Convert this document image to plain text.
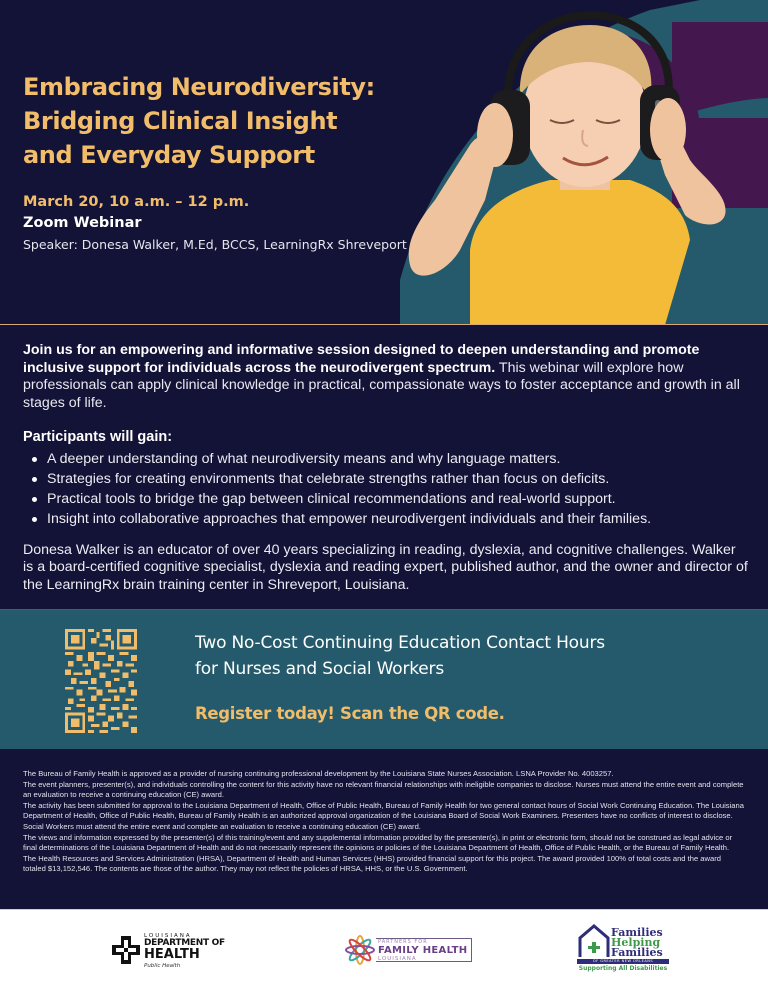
Embracing Neurodiversity:
Bridging Clinical Insight
and Everyday Support
March 20, 10 a.m. – 12 p.m.
Zoom Webinar
Speaker: Donesa Walker, M.Ed, BCCS, LearningRx Shreveport

Join us for an empowering and informative session designed to deepen understanding and promote inclusive support for individuals across the neurodivergent spectrum. This webinar will explore how professionals can apply clinical knowledge in practical, compassionate ways to foster acceptance and growth in all stages of life.

Participants will gain:
A deeper understanding of what neurodiversity means and why language matters.
Strategies for creating environments that celebrate strengths rather than focus on deficits.
Practical tools to bridge the gap between clinical recommendations and real-world support.
Insight into collaborative approaches that empower neurodivergent individuals and their families.

Donesa Walker is an educator of over 40 years specializing in reading, dyslexia, and cognitive challenges. Walker is a board-certified cognitive specialist, dyslexia and reading expert, published author, and the owner and director of the LearningRx brain training center in Shreveport, Louisiana.

Two No-Cost Continuing Education Contact Hours
for Nurses and Social Workers
Register today! Scan the QR code.

The Bureau of Family Health is approved as a provider of nursing continuing professional development by the Louisiana State Nurses Association. LSNA Provider No. 4003257.

The event planners, presenter(s), and individuals controlling the content for this activity have no relevant financial relationships with ineligible companies to disclose. Nurses must attend the entire event and complete an evaluation to receive a continuing education (CE) award.

The activity has been submitted for approval to the Louisiana Department of Health, Office of Public Health, Bureau of Family Health for two general contact hours of Social Work Continuing Education. The Louisiana Department of Health, Office of Public Health, Bureau of Family Health is an authorized approval organization of the Louisiana Board of Social Work Examiners. Presenters have no conflicts of interest to disclose. Social Workers must attend the entire event and complete an evaluation to receive a continuing education (CE) award.

The views and information expressed by the presenter(s) of this training/event and any supplemental information provided by the presenter(s), in print or electronic form, should not be construed as legal advice or final determinations of the Louisiana Department of Health and do not necessarily represent the opinions or policies of the Louisiana Department of Health, Office of Public Health, or the Bureau of Family Health.

The Health Resources and Services Administration (HRSA), Department of Health and Human Services (HHS) provided financial support for this project. The award provided 100% of total costs and the award totaled $13,152,546. The contents are those of the author. They may not reflect the policies of HRSA, HHS, or the U.S. Government.

LOUISIANA
DEPARTMENT OF
HEALTH
Public Health
PARTNERS FOR
FAMILY HEALTH
LOUISIANA
Families
Helping
Families
OF GREATER NEW ORLEANS
Supporting All Disabilities
